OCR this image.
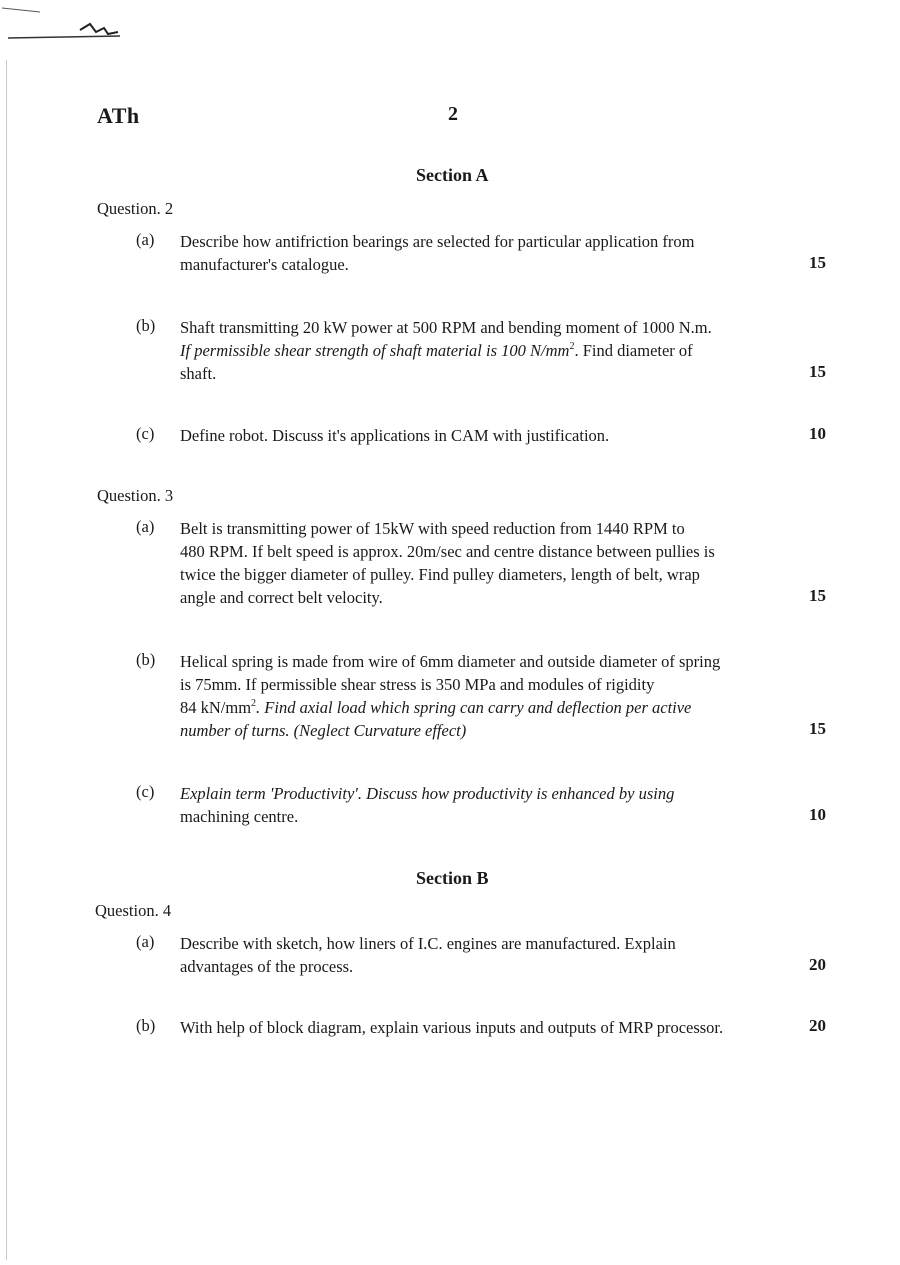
ATh	2
Section A
Question. 2
(a)	Describe how antifriction bearings are selected for particular application from
manufacturer's catalogue.	15
(b)	Shaft transmitting 20 kW power at 500 RPM and bending moment of 1000 N.m.
If permissible shear strength of shaft material is 100 $N/mm^2$. Find diameter of
shaft.	15
(c)	Define robot. Discuss it's applications in CAM with justification.	10
Question. 3
(a)	Belt is transmitting power of 15kW with speed reduction from 1440 RPM to
480 RPM. If belt speed is approx. 20m/sec and centre distance between pullies is
twice the bigger diameter of pulley. Find pulley diameters, length of belt, wrap
angle and correct belt velocity.	15
(b)	Helical spring is made from wire of 6mm diameter and outside diameter of spring
is 75mm. If permissible shear stress is 350 MPa and modules of rigidity
84 $kN/mm^2$. Find axial load which spring can carry and deflection per active
number of turns. (Neglect Curvature effect)	15
(c)	Explain term 'Productivity'. Discuss how productivity is enhanced by using
machining centre.	10
Section B
Question. 4
(a)	Describe with sketch, how liners of I.C. engines are manufactured. Explain
advantages of the process.	20
(b)	With help of block diagram, explain various inputs and outputs of MRP processor.	20
